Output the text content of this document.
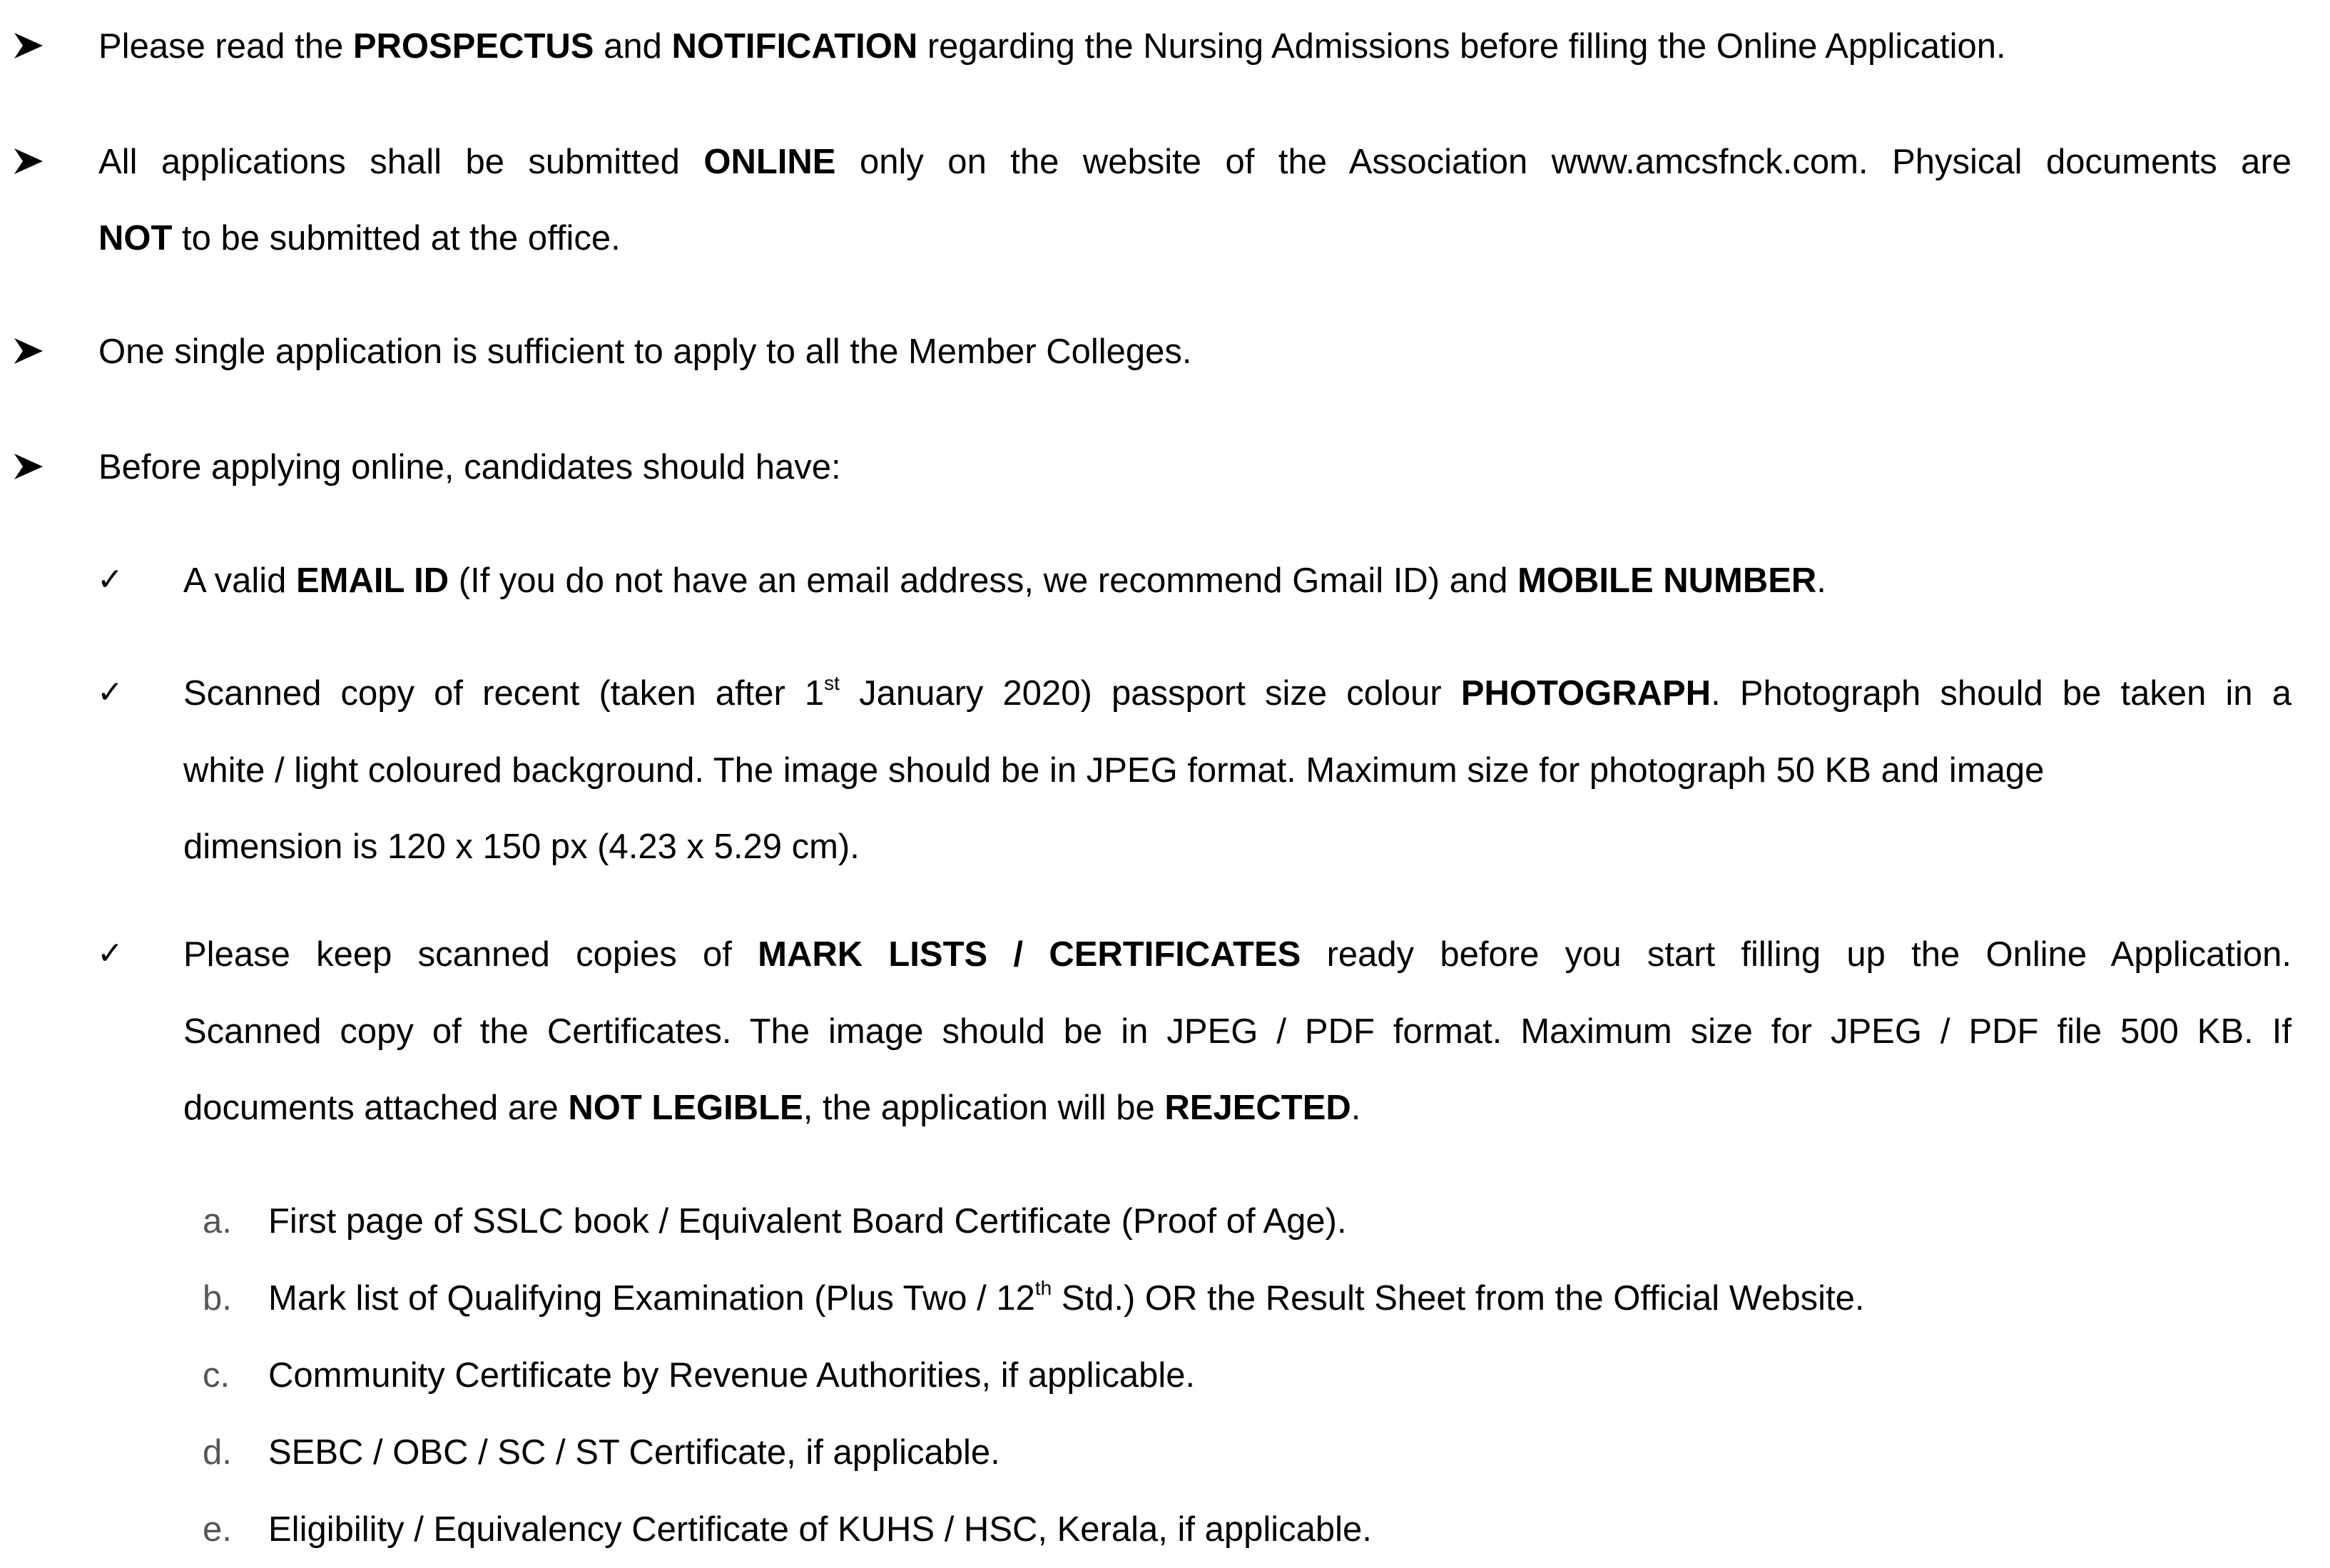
Please read the PROSPECTUS and NOTIFICATION regarding the Nursing Admissions before filling the Online Application.
All applications shall be submitted ONLINE only on the website of the Association www.amcsfnck.com. Physical documents are
NOT to be submitted at the office.
One single application is sufficient to apply to all the Member Colleges.
Before applying online, candidates should have:
✓ A valid EMAIL ID (If you do not have an email address, we recommend Gmail ID) and MOBILE NUMBER.
✓ Scanned copy of recent (taken after 1st January 2020) passport size colour PHOTOGRAPH. Photograph should be taken in a
white / light coloured background. The image should be in JPEG format. Maximum size for photograph 50 KB and image
dimension is 120 x 150 px (4.23 x 5.29 cm).
✓ Please keep scanned copies of MARK LISTS / CERTIFICATES ready before you start filling up the Online Application.
Scanned copy of the Certificates. The image should be in JPEG / PDF format. Maximum size for JPEG / PDF file 500 KB. If
documents attached are NOT LEGIBLE, the application will be REJECTED.
a. First page of SSLC book / Equivalent Board Certificate (Proof of Age).
b. Mark list of Qualifying Examination (Plus Two / 12th Std.) OR the Result Sheet from the Official Website.
c. Community Certificate by Revenue Authorities, if applicable.
d. SEBC / OBC / SC / ST Certificate, if applicable.
e. Eligibility / Equivalency Certificate of KUHS / HSC, Kerala, if applicable.
